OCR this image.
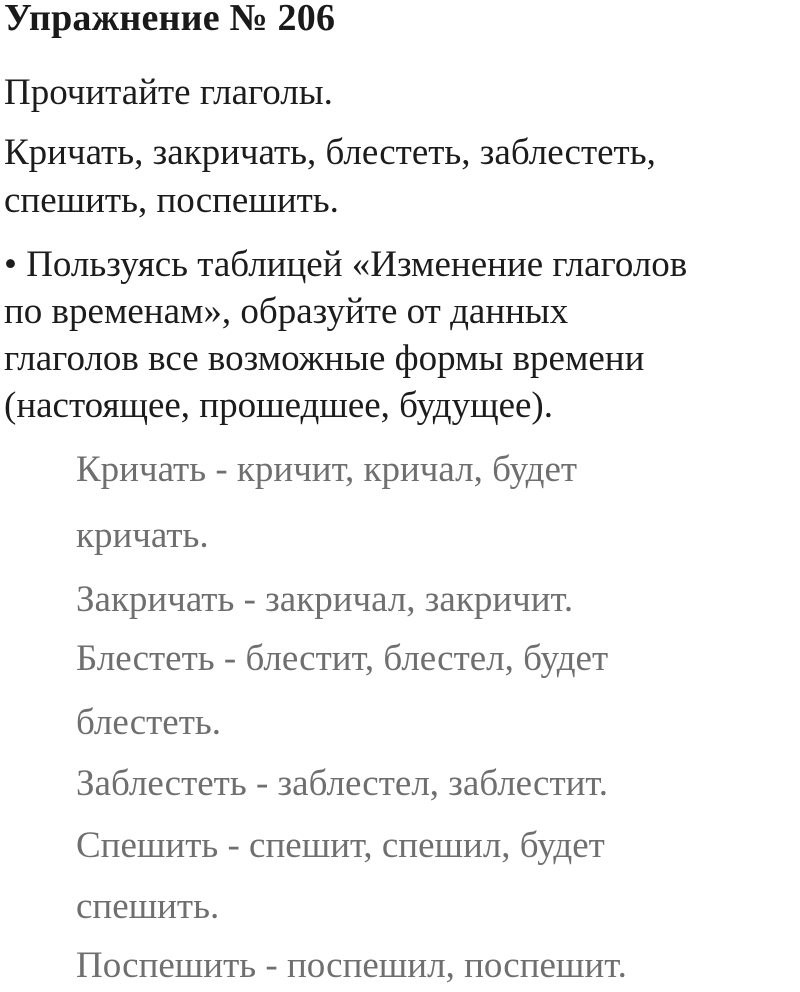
Упражнение № 206

Прочитайте глаголы.

Кричать, закричать, блестеть, заблестеть,

спешить, поспешить.

• Пользуясь таблицей «Изменение глаголов

по временам», образуйте от данных

глаголов все возможные формы времени

(настоящее, прошедшее, будущее).

Кричать - кричит, кричал, будет

кричать.

Закричать - закричал, закричит.

Блестеть - блестит, блестел, будет

блестеть.

Заблестеть - заблестел, заблестит.

Спешить - спешит, спешил, будет

спешить.

Поспешить - поспешил, поспешит.
